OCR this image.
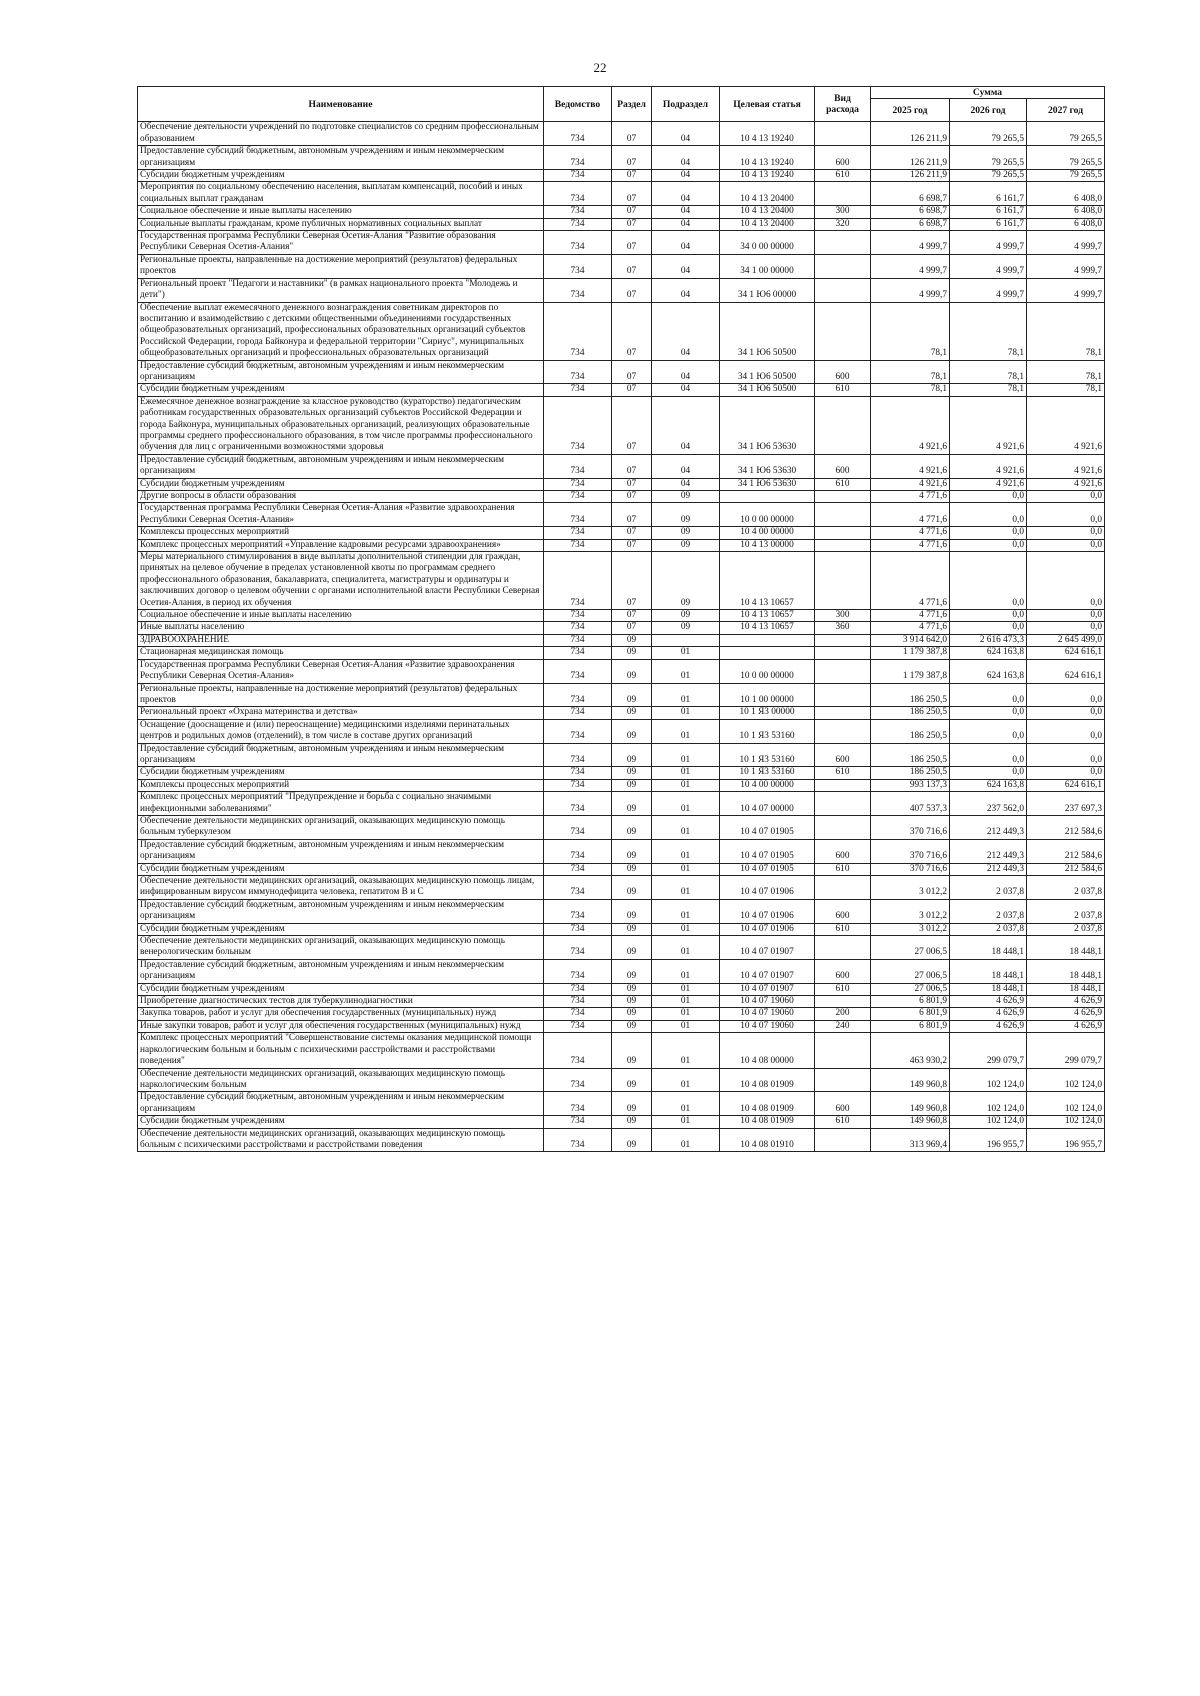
22
Наименование	Ведомство	Раздел	Подраздел	Целевая статья	Вид расхода	Сумма		
						2025 год	2026 год	2027 год
Обеспечение деятельности учреждений по подготовке специалистов со средним профессиональным образованием	734	07	04	10 4 13 19240		126 211,9	79 265,5	79 265,5
Предоставление субсидий бюджетным, автономным учреждениям и иным некоммерческим организациям	734	07	04	10 4 13 19240	600	126 211,9	79 265,5	79 265,5
Субсидии бюджетным учреждениям	734	07	04	10 4 13 19240	610	126 211,9	79 265,5	79 265,5
Мероприятия по социальному обеспечению населения, выплатам компенсаций, пособий и иных социальных выплат гражданам	734	07	04	10 4 13 20400		6 698,7	6 161,7	6 408,0
Социальное обеспечение и иные выплаты населению	734	07	04	10 4 13 20400	300	6 698,7	6 161,7	6 408,0
Социальные выплаты гражданам, кроме публичных нормативных социальных выплат	734	07	04	10 4 13 20400	320	6 698,7	6 161,7	6 408,0
Государственная программа Республики Северная Осетия-Алания "Развитие образования Республики Северная Осетия-Алания"	734	07	04	34 0 00 00000		4 999,7	4 999,7	4 999,7
Региональные проекты, направленные на достижение мероприятий (результатов) федеральных проектов	734	07	04	34 1 00 00000		4 999,7	4 999,7	4 999,7
Региональный проект "Педагоги и наставники" (в рамках национального проекта "Молодежь и дети")	734	07	04	34 1 Ю6 00000		4 999,7	4 999,7	4 999,7
Обеспечение выплат ежемесячного денежного вознаграждения советникам директоров по воспитанию и взаимодействию с детскими общественными объединениями государственных общеобразовательных организаций, профессиональных образовательных организаций субъектов Российской Федерации, города Байконура и федеральной территории "Сириус", муниципальных общеобразовательных организаций и профессиональных образовательных организаций	734	07	04	34 1 Ю6 50500		78,1	78,1	78,1
Предоставление субсидий бюджетным, автономным учреждениям и иным некоммерческим организациям	734	07	04	34 1 Ю6 50500	600	78,1	78,1	78,1
Субсидии бюджетным учреждениям	734	07	04	34 1 Ю6 50500	610	78,1	78,1	78,1
Ежемесячное денежное вознаграждение за классное руководство (кураторство) педагогическим работникам государственных образовательных организаций субъектов Российской Федерации и города Байконура, муниципальных образовательных организаций, реализующих образовательные программы среднего профессионального образования, в том числе программы профессионального обучения для лиц с ограниченными возможностями здоровья	734	07	04	34 1 Ю6 53630		4 921,6	4 921,6	4 921,6
Предоставление субсидий бюджетным, автономным учреждениям и иным некоммерческим организациям	734	07	04	34 1 Ю6 53630	600	4 921,6	4 921,6	4 921,6
Субсидии бюджетным учреждениям	734	07	04	34 1 Ю6 53630	610	4 921,6	4 921,6	4 921,6
Другие вопросы в области образования	734	07	09			4 771,6	0,0	0,0
Государственная программа Республики Северная Осетия-Алания «Развитие здравоохранения Республики Северная Осетия-Алания»	734	07	09	10 0 00 00000		4 771,6	0,0	0,0
Комплексы процессных мероприятий	734	07	09	10 4 00 00000		4 771,6	0,0	0,0
Комплекс процессных мероприятий «Управление кадровыми ресурсами здравоохранения»	734	07	09	10 4 13 00000		4 771,6	0,0	0,0
Меры материального стимулирования в виде выплаты дополнительной стипендии для граждан, принятых на целевое обучение в пределах установленной квоты по программам среднего профессионального образования, бакалавриата, специалитета, магистратуры и ординатуры и заключивших договор о целевом обучении с органами исполнительной власти Республики Северная Осетия-Алания, в период их обучения	734	07	09	10 4 13 10657		4 771,6	0,0	0,0
Социальное обеспечение и иные выплаты населению	734	07	09	10 4 13 10657	300	4 771,6	0,0	0,0
Иные выплаты населению	734	07	09	10 4 13 10657	360	4 771,6	0,0	0,0
ЗДРАВООХРАНЕНИЕ	734	09				3 914 642,0	2 616 473,3	2 645 499,0
Стационарная медицинская помощь	734	09	01			1 179 387,8	624 163,8	624 616,1
Государственная программа Республики Северная Осетия-Алания «Развитие здравоохранения Республики Северная Осетия-Алания»	734	09	01	10 0 00 00000		1 179 387,8	624 163,8	624 616,1
Региональные проекты, направленные на достижение мероприятий (результатов) федеральных проектов	734	09	01	10 1 00 00000		186 250,5	0,0	0,0
Региональный проект «Охрана материнства и детства»	734	09	01	10 1 Я3 00000		186 250,5	0,0	0,0
Оснащение (дооснащение и (или) переоснащение) медицинскими изделиями перинатальных центров и родильных домов (отделений), в том числе в составе других организаций	734	09	01	10 1 Я3 53160		186 250,5	0,0	0,0
Предоставление субсидий бюджетным, автономным учреждениям и иным некоммерческим организациям	734	09	01	10 1 Я3 53160	600	186 250,5	0,0	0,0
Субсидии бюджетным учреждениям	734	09	01	10 1 Я3 53160	610	186 250,5	0,0	0,0
Комплексы процессных мероприятий	734	09	01	10 4 00 00000		993 137,3	624 163,8	624 616,1
Комплекс процессных мероприятий "Предупреждение и борьба с социально значимыми инфекционными заболеваниями"	734	09	01	10 4 07 00000		407 537,3	237 562,0	237 697,3
Обеспечение деятельности медицинских организаций, оказывающих медицинскую помощь больным туберкулезом	734	09	01	10 4 07 01905		370 716,6	212 449,3	212 584,6
Предоставление субсидий бюджетным, автономным учреждениям и иным некоммерческим организациям	734	09	01	10 4 07 01905	600	370 716,6	212 449,3	212 584,6
Субсидии бюджетным учреждениям	734	09	01	10 4 07 01905	610	370 716,6	212 449,3	212 584,6
Обеспечение деятельности медицинских организаций, оказывающих медицинскую помощь лицам, инфицированным вирусом иммунодефицита человека, гепатитом В и С	734	09	01	10 4 07 01906		3 012,2	2 037,8	2 037,8
Предоставление субсидий бюджетным, автономным учреждениям и иным некоммерческим организациям	734	09	01	10 4 07 01906	600	3 012,2	2 037,8	2 037,8
Субсидии бюджетным учреждениям	734	09	01	10 4 07 01906	610	3 012,2	2 037,8	2 037,8
Обеспечение деятельности медицинских организаций, оказывающих медицинскую помощь венерологическим больным	734	09	01	10 4 07 01907		27 006,5	18 448,1	18 448,1
Предоставление субсидий бюджетным, автономным учреждениям и иным некоммерческим организациям	734	09	01	10 4 07 01907	600	27 006,5	18 448,1	18 448,1
Субсидии бюджетным учреждениям	734	09	01	10 4 07 01907	610	27 006,5	18 448,1	18 448,1
Приобретение диагностических тестов для туберкулинодиагностики	734	09	01	10 4 07 19060		6 801,9	4 626,9	4 626,9
Закупка товаров, работ и услуг для обеспечения государственных (муниципальных) нужд	734	09	01	10 4 07 19060	200	6 801,9	4 626,9	4 626,9
Иные закупки товаров, работ и услуг для обеспечения государственных (муниципальных) нужд	734	09	01	10 4 07 19060	240	6 801,9	4 626,9	4 626,9
Комплекс процессных мероприятий "Совершенствование системы оказания медицинской помощи наркологическим больным и больным с психическими расстройствами и расстройствами поведения"	734	09	01	10 4 08 00000		463 930,2	299 079,7	299 079,7
Обеспечение деятельности медицинских организаций, оказывающих медицинскую помощь наркологическим больным	734	09	01	10 4 08 01909		149 960,8	102 124,0	102 124,0
Предоставление субсидий бюджетным, автономным учреждениям и иным некоммерческим организациям	734	09	01	10 4 08 01909	600	149 960,8	102 124,0	102 124,0
Субсидии бюджетным учреждениям	734	09	01	10 4 08 01909	610	149 960,8	102 124,0	102 124,0
Обеспечение деятельности медицинских организаций, оказывающих медицинскую помощь больным с психическими расстройствами и расстройствами поведения	734	09	01	10 4 08 01910		313 969,4	196 955,7	196 955,7
